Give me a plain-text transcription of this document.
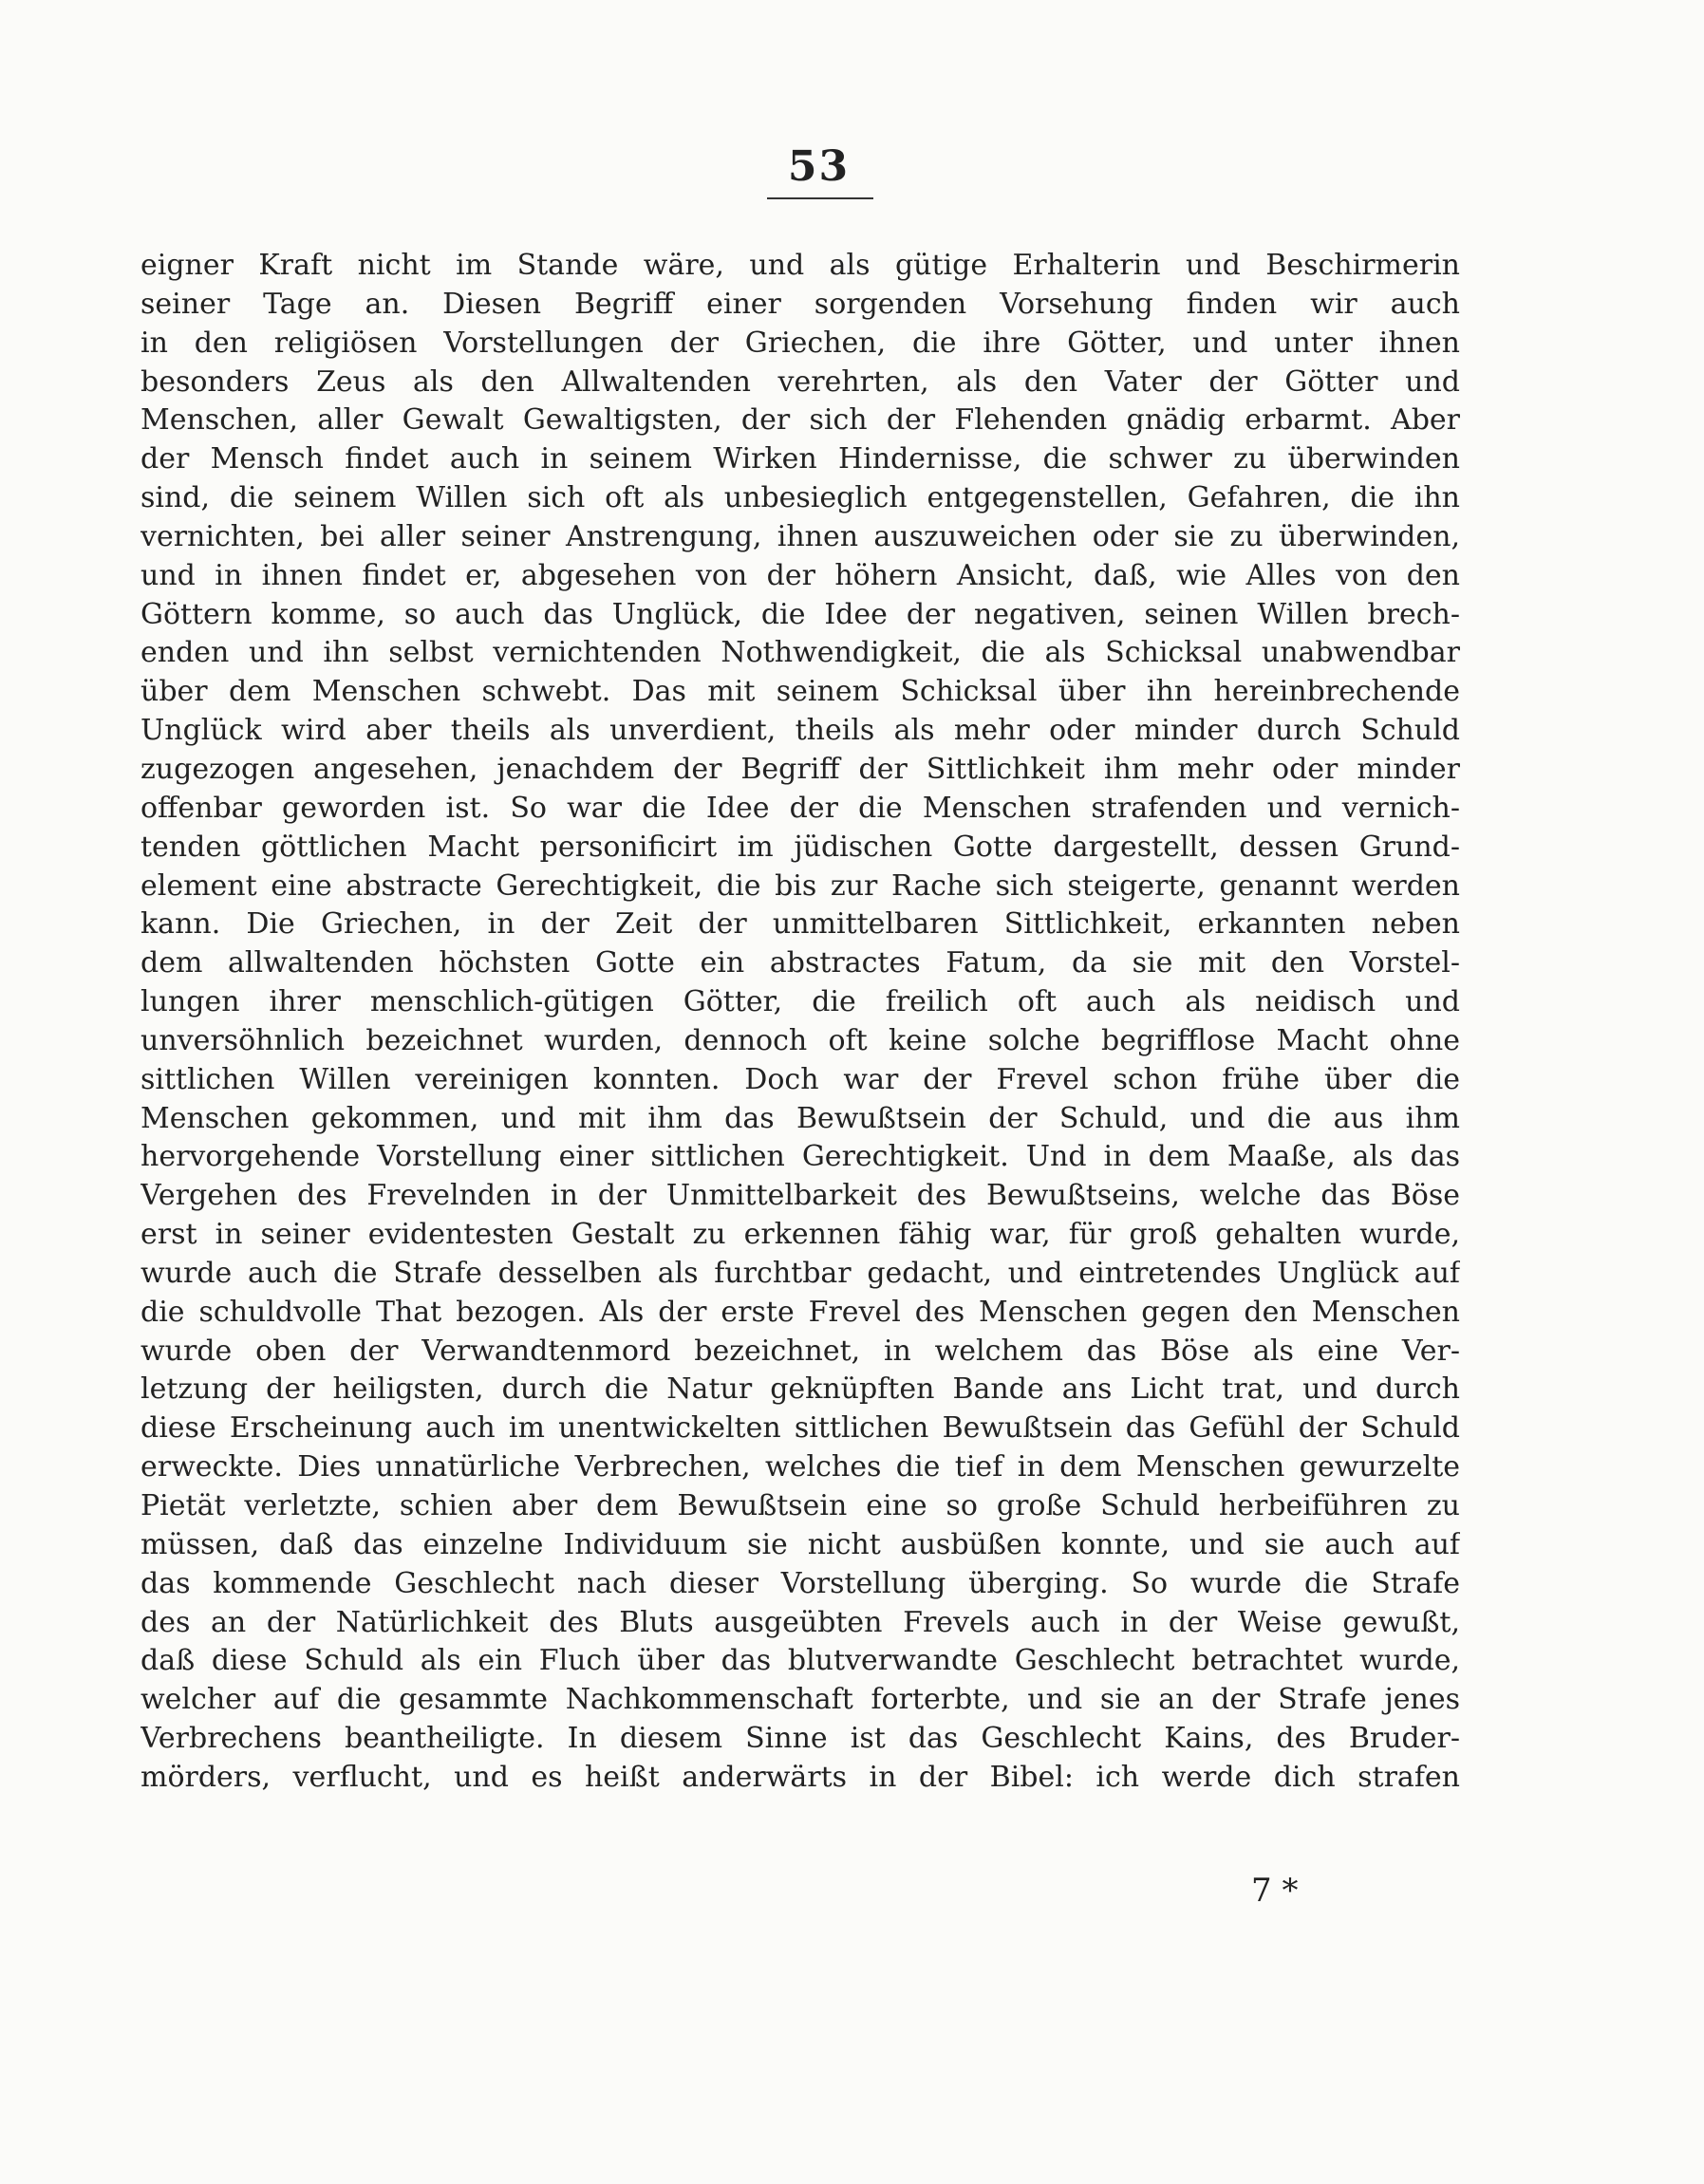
53
eigner Kraft nicht im Stande wäre, und als gütige Erhalterin und Beschirmerin
seiner Tage an. Diesen Begriff einer sorgenden Vorsehung finden wir auch
in den religiösen Vorstellungen der Griechen, die ihre Götter, und unter ihnen
besonders Zeus als den Allwaltenden verehrten, als den Vater der Götter und
Menschen, aller Gewalt Gewaltigsten, der sich der Flehenden gnädig erbarmt. Aber
der Mensch findet auch in seinem Wirken Hindernisse, die schwer zu überwinden
sind, die seinem Willen sich oft als unbesieglich entgegenstellen, Gefahren, die ihn
vernichten, bei aller seiner Anstrengung, ihnen auszuweichen oder sie zu überwinden,
und in ihnen findet er, abgesehen von der höhern Ansicht, daß, wie Alles von den
Göttern komme, so auch das Unglück, die Idee der negativen, seinen Willen brech-
enden und ihn selbst vernichtenden Nothwendigkeit, die als Schicksal unabwendbar
über dem Menschen schwebt. Das mit seinem Schicksal über ihn hereinbrechende
Unglück wird aber theils als unverdient, theils als mehr oder minder durch Schuld
zugezogen angesehen, jenachdem der Begriff der Sittlichkeit ihm mehr oder minder
offenbar geworden ist. So war die Idee der die Menschen strafenden und vernich-
tenden göttlichen Macht personificirt im jüdischen Gotte dargestellt, dessen Grund-
element eine abstracte Gerechtigkeit, die bis zur Rache sich steigerte, genannt werden
kann. Die Griechen, in der Zeit der unmittelbaren Sittlichkeit, erkannten neben
dem allwaltenden höchsten Gotte ein abstractes Fatum, da sie mit den Vorstel-
lungen ihrer menschlich-gütigen Götter, die freilich oft auch als neidisch und
unversöhnlich bezeichnet wurden, dennoch oft keine solche begrifflose Macht ohne
sittlichen Willen vereinigen konnten. Doch war der Frevel schon frühe über die
Menschen gekommen, und mit ihm das Bewußtsein der Schuld, und die aus ihm
hervorgehende Vorstellung einer sittlichen Gerechtigkeit. Und in dem Maaße, als das
Vergehen des Frevelnden in der Unmittelbarkeit des Bewußtseins, welche das Böse
erst in seiner evidentesten Gestalt zu erkennen fähig war, für groß gehalten wurde,
wurde auch die Strafe desselben als furchtbar gedacht, und eintretendes Unglück auf
die schuldvolle That bezogen. Als der erste Frevel des Menschen gegen den Menschen
wurde oben der Verwandtenmord bezeichnet, in welchem das Böse als eine Ver-
letzung der heiligsten, durch die Natur geknüpften Bande ans Licht trat, und durch
diese Erscheinung auch im unentwickelten sittlichen Bewußtsein das Gefühl der Schuld
erweckte. Dies unnatürliche Verbrechen, welches die tief in dem Menschen gewurzelte
Pietät verletzte, schien aber dem Bewußtsein eine so große Schuld herbeiführen zu
müssen, daß das einzelne Individuum sie nicht ausbüßen konnte, und sie auch auf
das kommende Geschlecht nach dieser Vorstellung überging. So wurde die Strafe
des an der Natürlichkeit des Bluts ausgeübten Frevels auch in der Weise gewußt,
daß diese Schuld als ein Fluch über das blutverwandte Geschlecht betrachtet wurde,
welcher auf die gesammte Nachkommenschaft forterbte, und sie an der Strafe jenes
Verbrechens beantheiligte. In diesem Sinne ist das Geschlecht Kains, des Bruder-
mörders, verflucht, und es heißt anderwärts in der Bibel: ich werde dich strafen
7 *
